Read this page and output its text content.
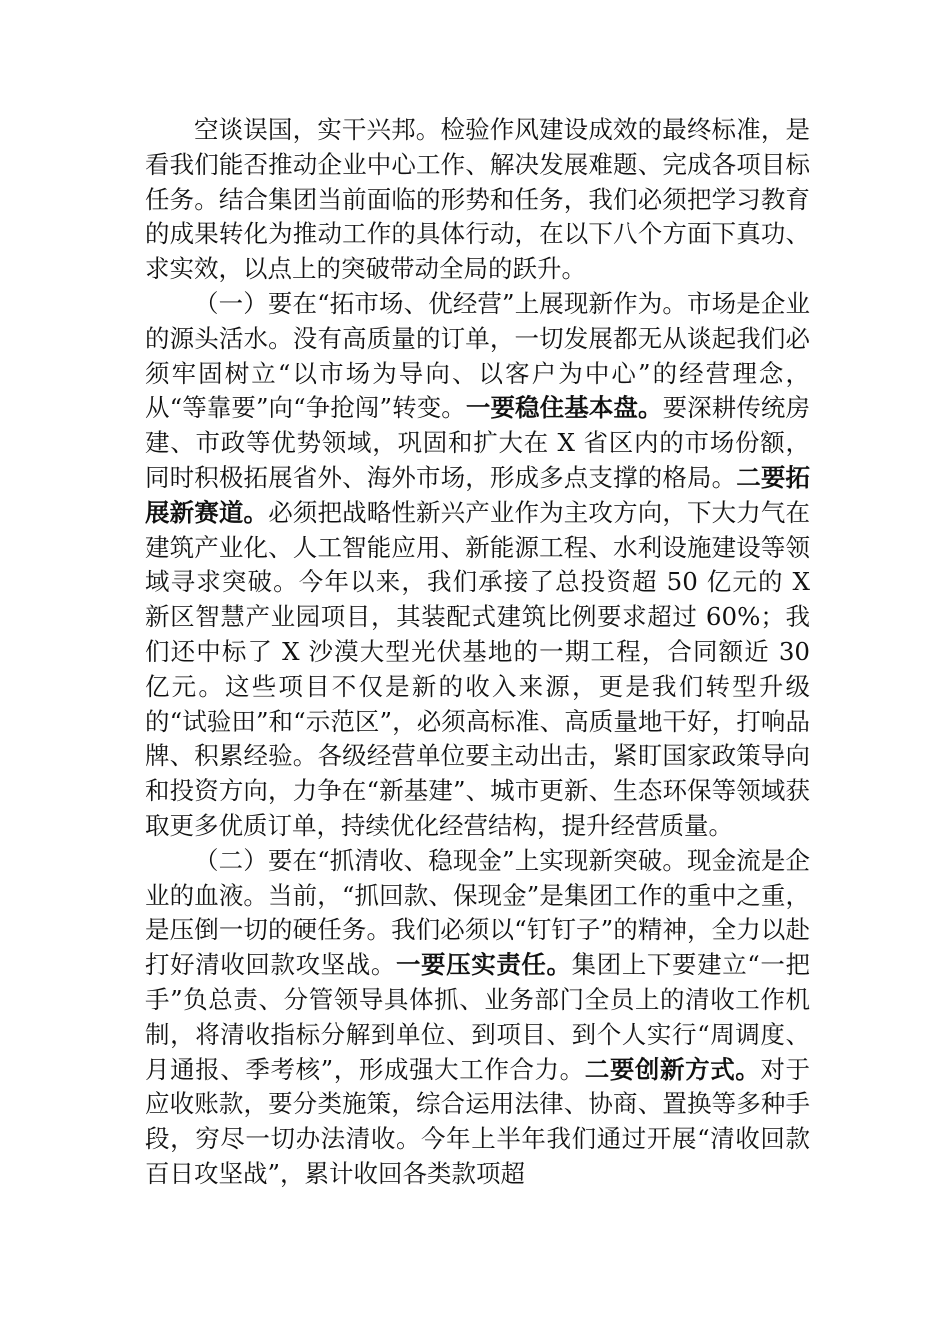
空谈误国，实干兴邦。检验作风建设成效的最终标准，是看我们能否推动企业中心工作、解决发展难题、完成各项目标任务。结合集团当前面临的形势和任务，我们必须把学习教育的成果转化为推动工作的具体行动，在以下八个方面下真功、求实效，以点上的突破带动全局的跃升。

（一）要在“拓市场、优经营”上展现新作为。市场是企业的源头活水。没有高质量的订单，一切发展都无从谈起我们必须牢固树立“以市场为导向、以客户为中心”的经营理念，从“等靠要”向“争抢闯”转变。一要稳住基本盘。要深耕传统房建、市政等优势领域，巩固和扩大在 X 省区内的市场份额，同时积极拓展省外、海外市场，形成多点支撑的格局。二要拓展新赛道。必须把战略性新兴产业作为主攻方向，下大力气在建筑产业化、人工智能应用、新能源工程、水利设施建设等领域寻求突破。今年以来，我们承接了总投资超 50 亿元的 X 新区智慧产业园项目，其装配式建筑比例要求超过 60%；我们还中标了 X 沙漠大型光伏基地的一期工程，合同额近 30 亿元。这些项目不仅是新的收入来源，更是我们转型升级的“试验田”和“示范区”，必须高标准、高质量地干好，打响品牌、积累经验。各级经营单位要主动出击，紧盯国家政策导向和投资方向，力争在“新基建”、城市更新、生态环保等领域获取更多优质订单，持续优化经营结构，提升经营质量。

（二）要在“抓清收、稳现金”上实现新突破。现金流是企业的血液。当前，“抓回款、保现金”是集团工作的重中之重，是压倒一切的硬任务。我们必须以“钉钉子”的精神，全力以赴打好清收回款攻坚战。一要压实责任。集团上下要建立“一把手”负总责、分管领导具体抓、业务部门全员上的清收工作机制，将清收指标分解到单位、到项目、到个人实行“周调度、月通报、季考核”，形成强大工作合力。二要创新方式。对于应收账款，要分类施策，综合运用法律、协商、置换等多种手段，穷尽一切办法清收。今年上半年我们通过开展“清收回款百日攻坚战”，累计收回各类款项超
